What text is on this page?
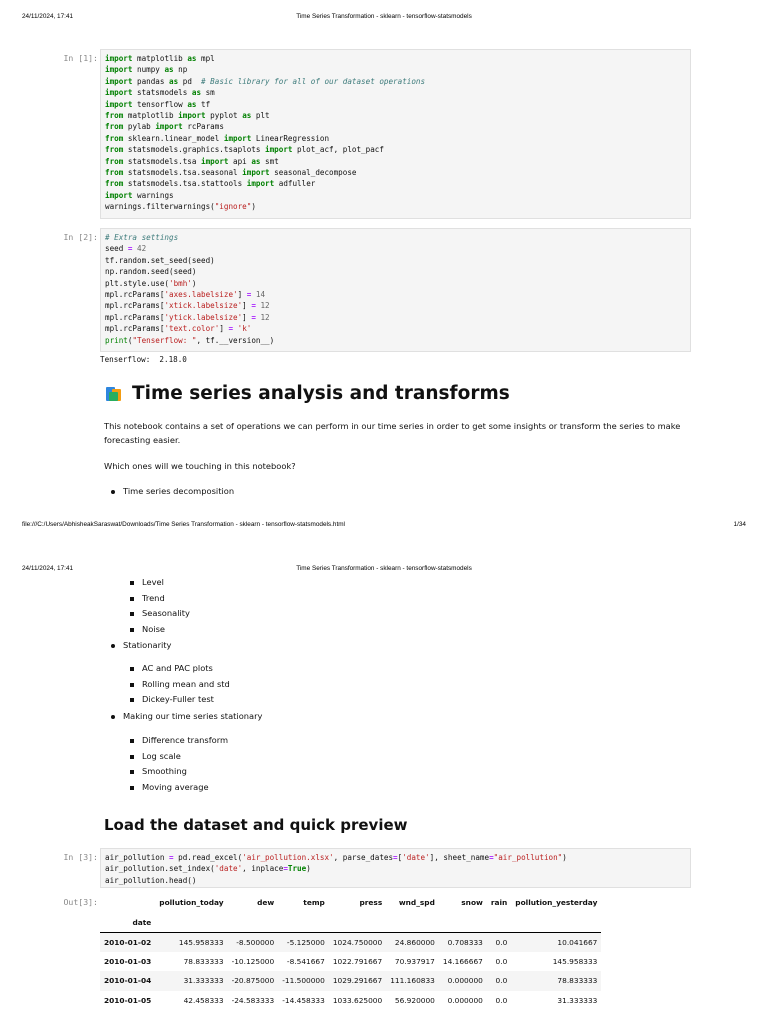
24/11/2024, 17:41	Time Series Transformation - sklearn - tensorflow-statsmodels
In [1]: import matplotlib as mpl
import numpy as np
import pandas as pd  # Basic library for all of our dataset operations
import statsmodels as sm
import tensorflow as tf
from matplotlib import pyplot as plt
from pylab import rcParams
from sklearn.linear_model import LinearRegression
from statsmodels.graphics.tsaplots import plot_acf, plot_pacf
from statsmodels.tsa import api as smt
from statsmodels.tsa.seasonal import seasonal_decompose
from statsmodels.tsa.stattools import adfuller
import warnings
warnings.filterwarnings("ignore")
In [2]: # Extra settings
seed = 42
tf.random.set_seed(seed)
np.random.seed(seed)
plt.style.use('bmh')
mpl.rcParams['axes.labelsize'] = 14
mpl.rcParams['xtick.labelsize'] = 12
mpl.rcParams['ytick.labelsize'] = 12
mpl.rcParams['text.color'] = 'k'
print("Tenserflow: ", tf.__version__)
Tenserflow:  2.18.0
Time series analysis and transforms
This notebook contains a set of operations we can perform in our time series in order to get some insights or transform the series to make forecasting easier.
Which ones will we touching in this notebook?
Time series decomposition
file:///C:/Users/AbhisheakSaraswat/Downloads/Time Series Transformation - sklearn - tensorflow-statsmodels.html	1/34
24/11/2024, 17:41	Time Series Transformation - sklearn - tensorflow-statsmodels
Level
Trend
Seasonality
Noise
Stationarity
AC and PAC plots
Rolling mean and std
Dickey-Fuller test
Making our time series stationary
Difference transform
Log scale
Smoothing
Moving average
Load the dataset and quick preview
In [3]: air_pollution = pd.read_excel('air_pollution.xlsx', parse_dates=['date'], sheet_name="air_pollution")
air_pollution.set_index('date', inplace=True)
air_pollution.head()
Out[3]:
		pollution_today	dew	temp	press	wnd_spd	snow	rain	pollution_yesterday
date								
2010-01-02	145.958333	-8.500000	-5.125000	1024.750000	24.860000	0.708333	0.0	10.041667
2010-01-03	78.833333	-10.125000	-8.541667	1022.791667	70.937917	14.166667	0.0	145.958333
2010-01-04	31.333333	-20.875000	-11.500000	1029.291667	111.160833	0.000000	0.0	78.833333
2010-01-05	42.458333	-24.583333	-14.458333	1033.625000	56.920000	0.000000	0.0	31.333333
